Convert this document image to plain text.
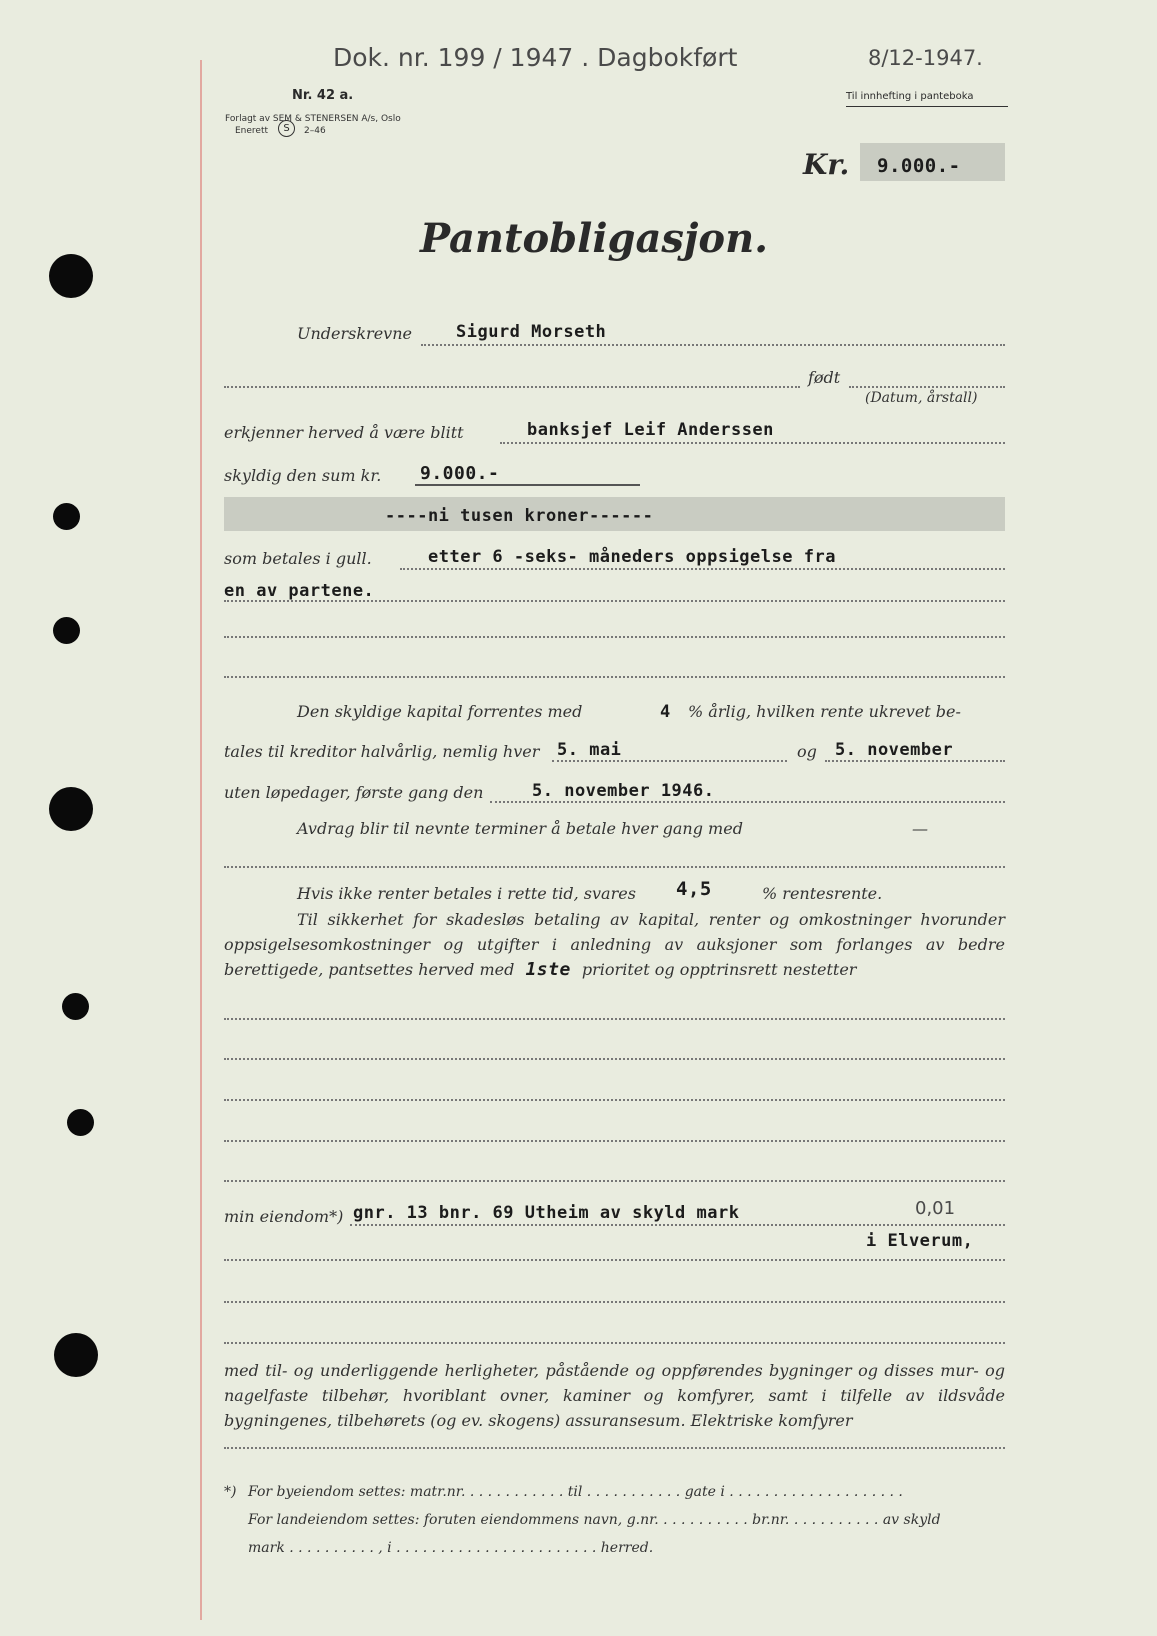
Dok. nr. 199 / 1947 . Dagbokført	8/12-1947.
Nr. 42 a.
Forlagt av SEM & STENERSEN A/s, Oslo
Enerett	S	2–46
Til innhefting i panteboka
Kr. 9.000.-
Pantobligasjon.
Underskrevne	Sigurd Morseth
født
(Datum, årstall)
erkjenner herved å være blitt	banksjef Leif Anderssen
skyldig den sum kr. 9.000.-
----ni tusen kroner------
som betales i gull.	etter 6 -seks- måneders oppsigelse fra
en av partene.
Den skyldige kapital forrentes med	4 % årlig, hvilken rente ukrevet be-
tales til kreditor halvårlig, nemlig hver 5. mai	og 5. november
uten løpedager, første gang den	5. november 1946.
Avdrag blir til nevnte terminer å betale hver gang med	—
Hvis ikke renter betales i rette tid, svares 4,5	% rentesrente.
Til sikkerhet for skadesløs betaling av kapital, renter og omkostninger hvorunder oppsigelsesomkostninger og utgifter i anledning av auksjoner som forlanges av bedre berettigede, pantsettes herved med 1ste prioritet og opptrinsrett nestetter
min eiendom*) gnr. 13 bnr. 69 Utheim av skyld mark	0,01
i Elverum,
med til- og underliggende herligheter, påstående og oppførendes bygninger og disses mur- og nagelfaste tilbehør, hvoriblant ovner, kaminer og komfyrer, samt i tilfelle av ildsvåde bygningenes, tilbehørets (og ev. skogens) assuransesum. Elektriske komfyrer
*) For byeiendom settes: matr.nr. . . . . . . . . . . . til . . . . . . . . . . . gate i . . . . . . . . . . . . . . . . . . . .
For landeiendom settes: foruten eiendommens navn, g.nr. . . . . . . . . . . br.nr. . . . . . . . . . . av skyld
mark . . . . . . . . . . , i . . . . . . . . . . . . . . . . . . . . . . . herred.
